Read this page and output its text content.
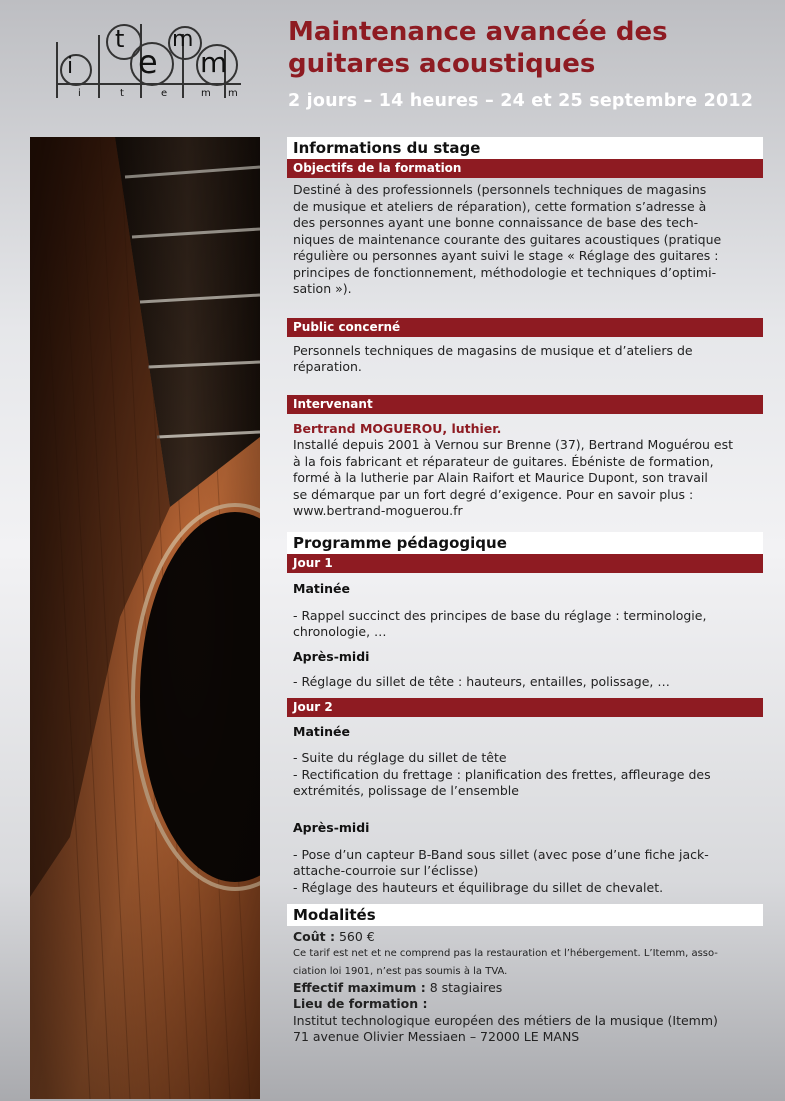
i
t
e
m
m
i	t	e	m m
Maintenance avancée des
guitares acoustiques
2 jours – 14 heures – 24 et 25 septembre 2012
Informations du stage
Objectifs de la formation
Destiné à des professionnels (personnels techniques de magasins
de musique et ateliers de réparation), cette formation s’adresse à
des personnes ayant une bonne connaissance de base des tech-
niques de maintenance courante des guitares acoustiques (pratique
régulière ou personnes ayant suivi le stage « Réglage des guitares :
principes de fonctionnement, méthodologie et techniques d’optimi-
sation »).
Public concerné
Personnels techniques de magasins de musique et d’ateliers de
réparation.
Intervenant
Bertrand MOGUEROU, luthier.
Installé depuis 2001 à Vernou sur Brenne (37), Bertrand Moguérou est
à la fois fabricant et réparateur de guitares. Ébéniste de formation,
formé à la lutherie par Alain Raifort et Maurice Dupont, son travail
se démarque par un fort degré d’exigence. Pour en savoir plus :
www.bertrand-moguerou.fr
Programme pédagogique
Jour 1
Matinée
- Rappel succinct des principes de base du réglage : terminologie,
chronologie, …
Après-midi
- Réglage du sillet de tête : hauteurs, entailles, polissage, …
Jour 2
Matinée
- Suite du réglage du sillet de tête
- Rectification du frettage : planification des frettes, affleurage des
extrémités, polissage de l’ensemble
Après-midi
- Pose d’un capteur B-Band sous sillet (avec pose d’une fiche jack-
attache-courroie sur l’éclisse)
- Réglage des hauteurs et équilibrage du sillet de chevalet.
Modalités
Coût : 560 €
Ce tarif est net et ne comprend pas la restauration et l’hébergement. L’Itemm, asso-
ciation loi 1901, n’est pas soumis à la TVA.
Effectif maximum : 8 stagiaires
Lieu de formation :
Institut technologique européen des métiers de la musique (Itemm)
71 avenue Olivier Messiaen – 72000 LE MANS
